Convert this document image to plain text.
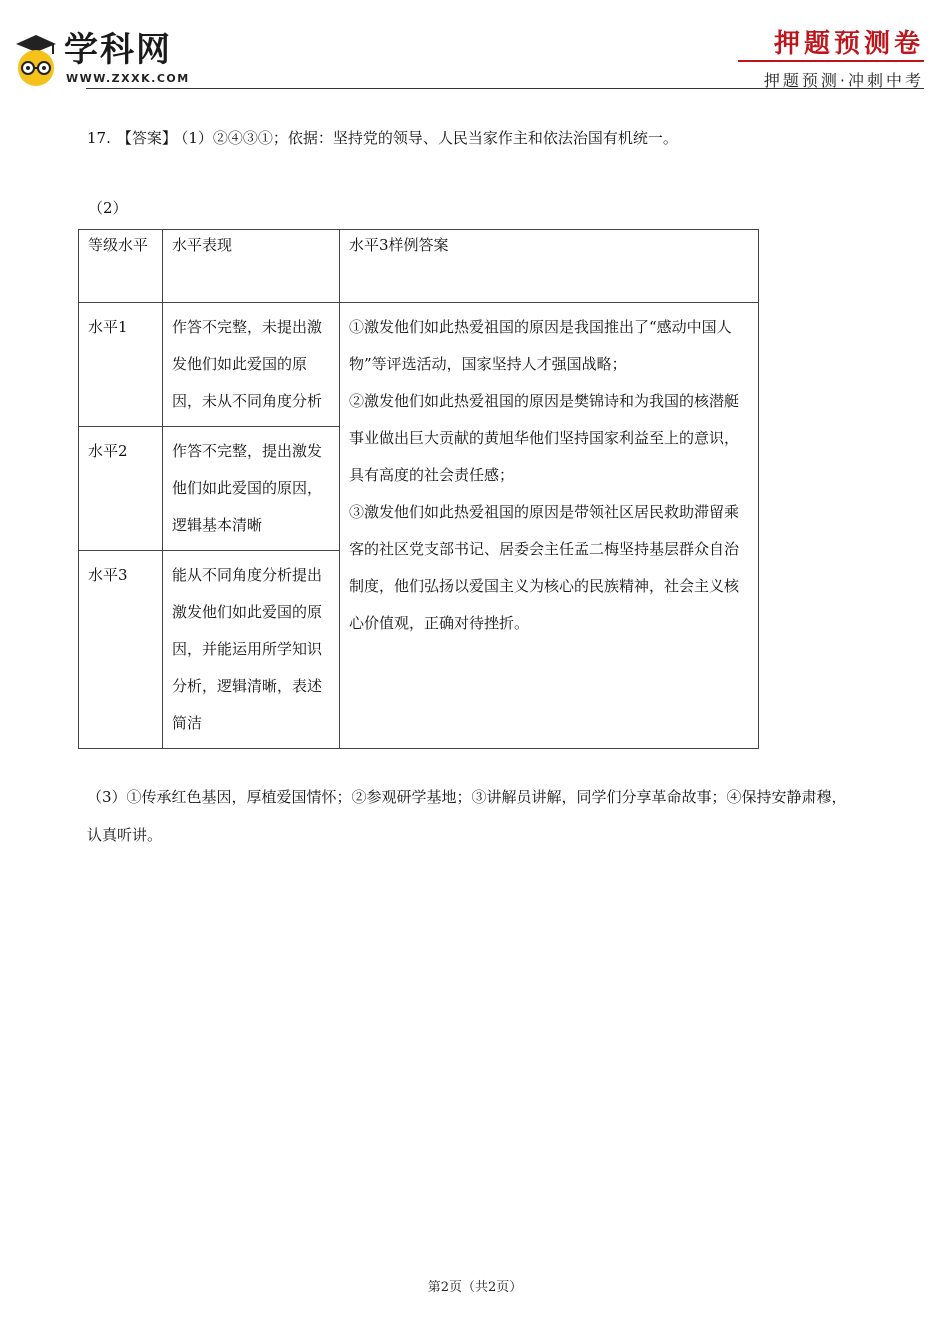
学科网
WWW.ZXXK.COM
押题预测卷
押题预测·冲刺中考
17. 【答案】 （1）②④③①；依据：坚持党的领导、人民当家作主和依法治国有机统一。
（2）
等级水平	水平表现	水平3样例答案
水平1	作答不完整，未提出激发他们如此爱国的原因，未从不同角度分析	①激发他们如此热爱祖国的原因是我国推出了“感动中国人物”等评选活动，国家坚持人才强国战略；
②激发他们如此热爱祖国的原因是樊锦诗和为我国的核潜艇事业做出巨大贡献的黄旭华他们坚持国家利益至上的意识，具有高度的社会责任感；
③激发他们如此热爱祖国的原因是带领社区居民救助滞留乘客的社区党支部书记、居委会主任孟二梅坚持基层群众自治制度，他们弘扬以爱国主义为核心的民族精神，社会主义核心价值观，正确对待挫折。

水平2	作答不完整，提出激发他们如此爱国的原因，逻辑基本清晰	
水平3	能从不同角度分析提出激发他们如此爱国的原因，并能运用所学知识分析，逻辑清晰，表述简洁	
（3）①传承红色基因，厚植爱国情怀；②参观研学基地；③讲解员讲解，同学们分享革命故事；④保持安静肃穆，认真听讲。
第2页（共2页）
